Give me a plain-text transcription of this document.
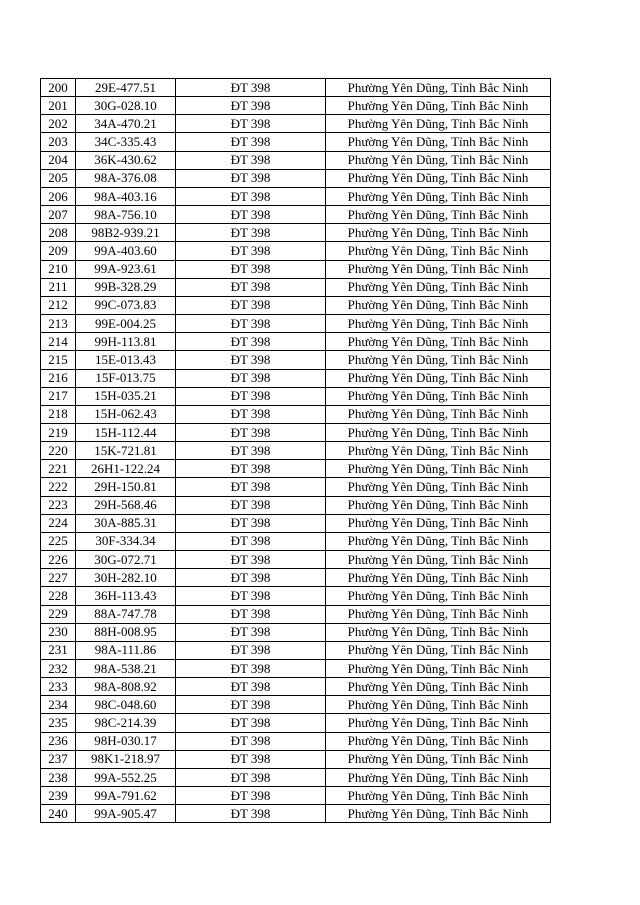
200	29E-477.51	ĐT 398	Phường Yên Dũng, Tỉnh Bắc Ninh
201	30G-028.10	ĐT 398	Phường Yên Dũng, Tỉnh Bắc Ninh
202	34A-470.21	ĐT 398	Phường Yên Dũng, Tỉnh Bắc Ninh
203	34C-335.43	ĐT 398	Phường Yên Dũng, Tỉnh Bắc Ninh
204	36K-430.62	ĐT 398	Phường Yên Dũng, Tỉnh Bắc Ninh
205	98A-376.08	ĐT 398	Phường Yên Dũng, Tỉnh Bắc Ninh
206	98A-403.16	ĐT 398	Phường Yên Dũng, Tỉnh Bắc Ninh
207	98A-756.10	ĐT 398	Phường Yên Dũng, Tỉnh Bắc Ninh
208	98B2-939.21	ĐT 398	Phường Yên Dũng, Tỉnh Bắc Ninh
209	99A-403.60	ĐT 398	Phường Yên Dũng, Tỉnh Bắc Ninh
210	99A-923.61	ĐT 398	Phường Yên Dũng, Tỉnh Bắc Ninh
211	99B-328.29	ĐT 398	Phường Yên Dũng, Tỉnh Bắc Ninh
212	99C-073.83	ĐT 398	Phường Yên Dũng, Tỉnh Bắc Ninh
213	99E-004.25	ĐT 398	Phường Yên Dũng, Tỉnh Bắc Ninh
214	99H-113.81	ĐT 398	Phường Yên Dũng, Tỉnh Bắc Ninh
215	15E-013.43	ĐT 398	Phường Yên Dũng, Tỉnh Bắc Ninh
216	15F-013.75	ĐT 398	Phường Yên Dũng, Tỉnh Bắc Ninh
217	15H-035.21	ĐT 398	Phường Yên Dũng, Tỉnh Bắc Ninh
218	15H-062.43	ĐT 398	Phường Yên Dũng, Tỉnh Bắc Ninh
219	15H-112.44	ĐT 398	Phường Yên Dũng, Tỉnh Bắc Ninh
220	15K-721.81	ĐT 398	Phường Yên Dũng, Tỉnh Bắc Ninh
221	26H1-122.24	ĐT 398	Phường Yên Dũng, Tỉnh Bắc Ninh
222	29H-150.81	ĐT 398	Phường Yên Dũng, Tỉnh Bắc Ninh
223	29H-568.46	ĐT 398	Phường Yên Dũng, Tỉnh Bắc Ninh
224	30A-885.31	ĐT 398	Phường Yên Dũng, Tỉnh Bắc Ninh
225	30F-334.34	ĐT 398	Phường Yên Dũng, Tỉnh Bắc Ninh
226	30G-072.71	ĐT 398	Phường Yên Dũng, Tỉnh Bắc Ninh
227	30H-282.10	ĐT 398	Phường Yên Dũng, Tỉnh Bắc Ninh
228	36H-113.43	ĐT 398	Phường Yên Dũng, Tỉnh Bắc Ninh
229	88A-747.78	ĐT 398	Phường Yên Dũng, Tỉnh Bắc Ninh
230	88H-008.95	ĐT 398	Phường Yên Dũng, Tỉnh Bắc Ninh
231	98A-111.86	ĐT 398	Phường Yên Dũng, Tỉnh Bắc Ninh
232	98A-538.21	ĐT 398	Phường Yên Dũng, Tỉnh Bắc Ninh
233	98A-808.92	ĐT 398	Phường Yên Dũng, Tỉnh Bắc Ninh
234	98C-048.60	ĐT 398	Phường Yên Dũng, Tỉnh Bắc Ninh
235	98C-214.39	ĐT 398	Phường Yên Dũng, Tỉnh Bắc Ninh
236	98H-030.17	ĐT 398	Phường Yên Dũng, Tỉnh Bắc Ninh
237	98K1-218.97	ĐT 398	Phường Yên Dũng, Tỉnh Bắc Ninh
238	99A-552.25	ĐT 398	Phường Yên Dũng, Tỉnh Bắc Ninh
239	99A-791.62	ĐT 398	Phường Yên Dũng, Tỉnh Bắc Ninh
240	99A-905.47	ĐT 398	Phường Yên Dũng, Tỉnh Bắc Ninh
